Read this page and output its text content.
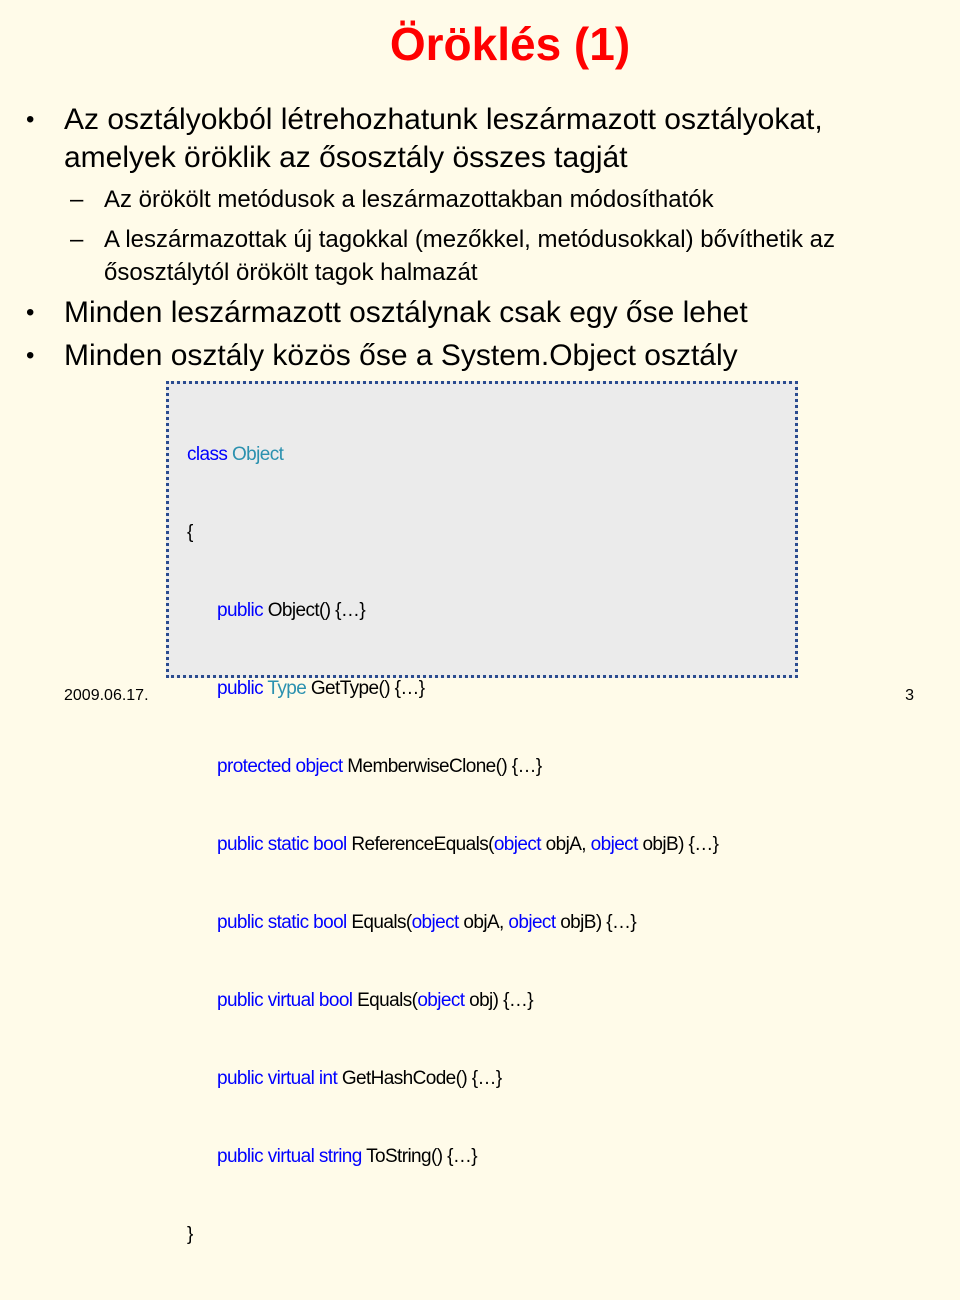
Öröklés (1)
• Az osztályokból létrehozhatunk leszármazott osztályokat, amelyek öröklik az ősosztály összes tagját
– Az örökölt metódusok a leszármazottakban módosíthatók
– A leszármazottak új tagokkal (mezőkkel, metódusokkal) bővíthetik az ősosztálytól örökölt tagok halmazát
• Minden leszármazott osztálynak csak egy őse lehet
• Minden osztály közös őse a System.Object osztály

class Object

{

public Object() {…}

public Type GetType() {…}

protected object MemberwiseClone() {…}

public static bool ReferenceEquals(object objA, object objB) {…}

public static bool Equals(object objA, object objB) {…}

public virtual bool Equals(object obj) {…}

public virtual int GetHashCode() {…}

public virtual string ToString() {…}

}

2009.06.17.	3
